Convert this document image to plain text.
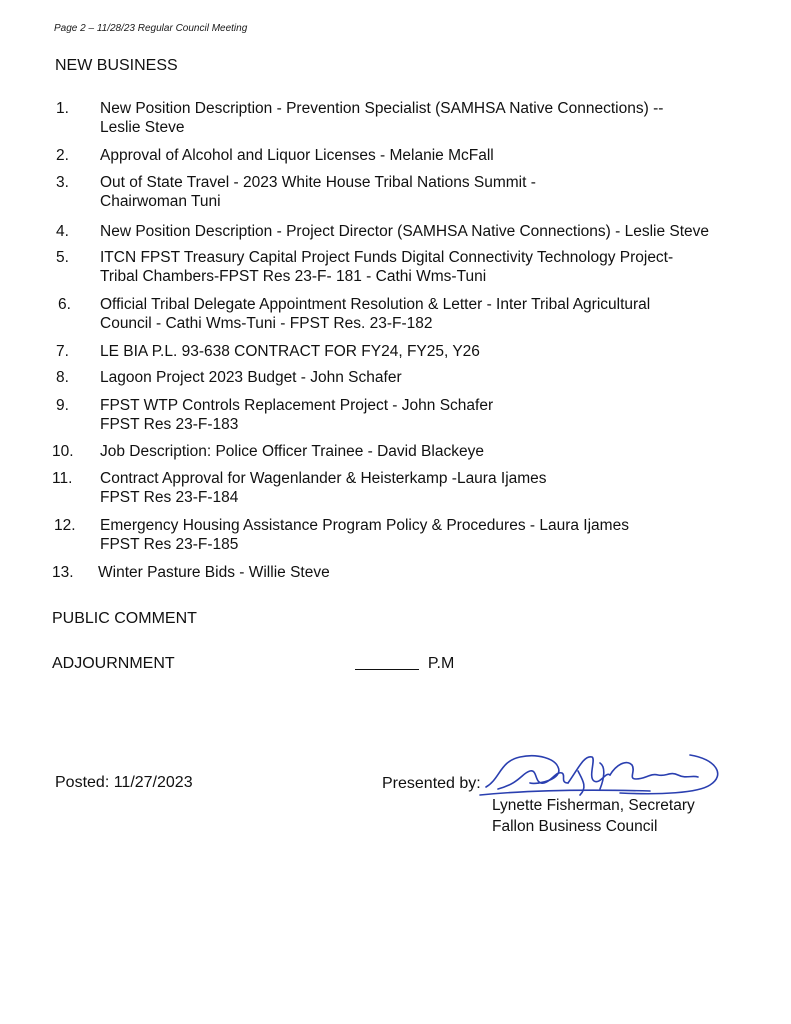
Page 2 – 11/28/23 Regular Council Meeting
NEW BUSINESS
1. New Position Description - Prevention Specialist (SAMHSA Native Connections) --
Leslie Steve
2. Approval of Alcohol and Liquor Licenses - Melanie McFall
3. Out of State Travel - 2023 White House Tribal Nations Summit -
Chairwoman Tuni
4. New Position Description - Project Director (SAMHSA Native Connections) - Leslie Steve
5. ITCN FPST Treasury Capital Project Funds Digital Connectivity Technology Project-
Tribal Chambers-FPST Res 23-F- 181 - Cathi Wms-Tuni
6. Official Tribal Delegate Appointment Resolution & Letter - Inter Tribal Agricultural
Council - Cathi Wms-Tuni - FPST Res. 23-F-182
7. LE BIA P.L. 93-638 CONTRACT FOR FY24, FY25, Y26
8. Lagoon Project 2023 Budget - John Schafer
9. FPST WTP Controls Replacement Project - John Schafer
FPST Res 23-F-183
10. Job Description: Police Officer Trainee - David Blackeye
11. Contract Approval for Wagenlander & Heisterkamp -Laura Ijames
FPST Res 23-F-184
12. Emergency Housing Assistance Program Policy & Procedures - Laura Ijames
FPST Res 23-F-185
13. Winter Pasture Bids - Willie Steve
PUBLIC COMMENT
ADJOURNMENT	P.M
Posted: 11/27/2023	Presented by:
Lynette Fisherman, Secretary
Fallon Business Council
